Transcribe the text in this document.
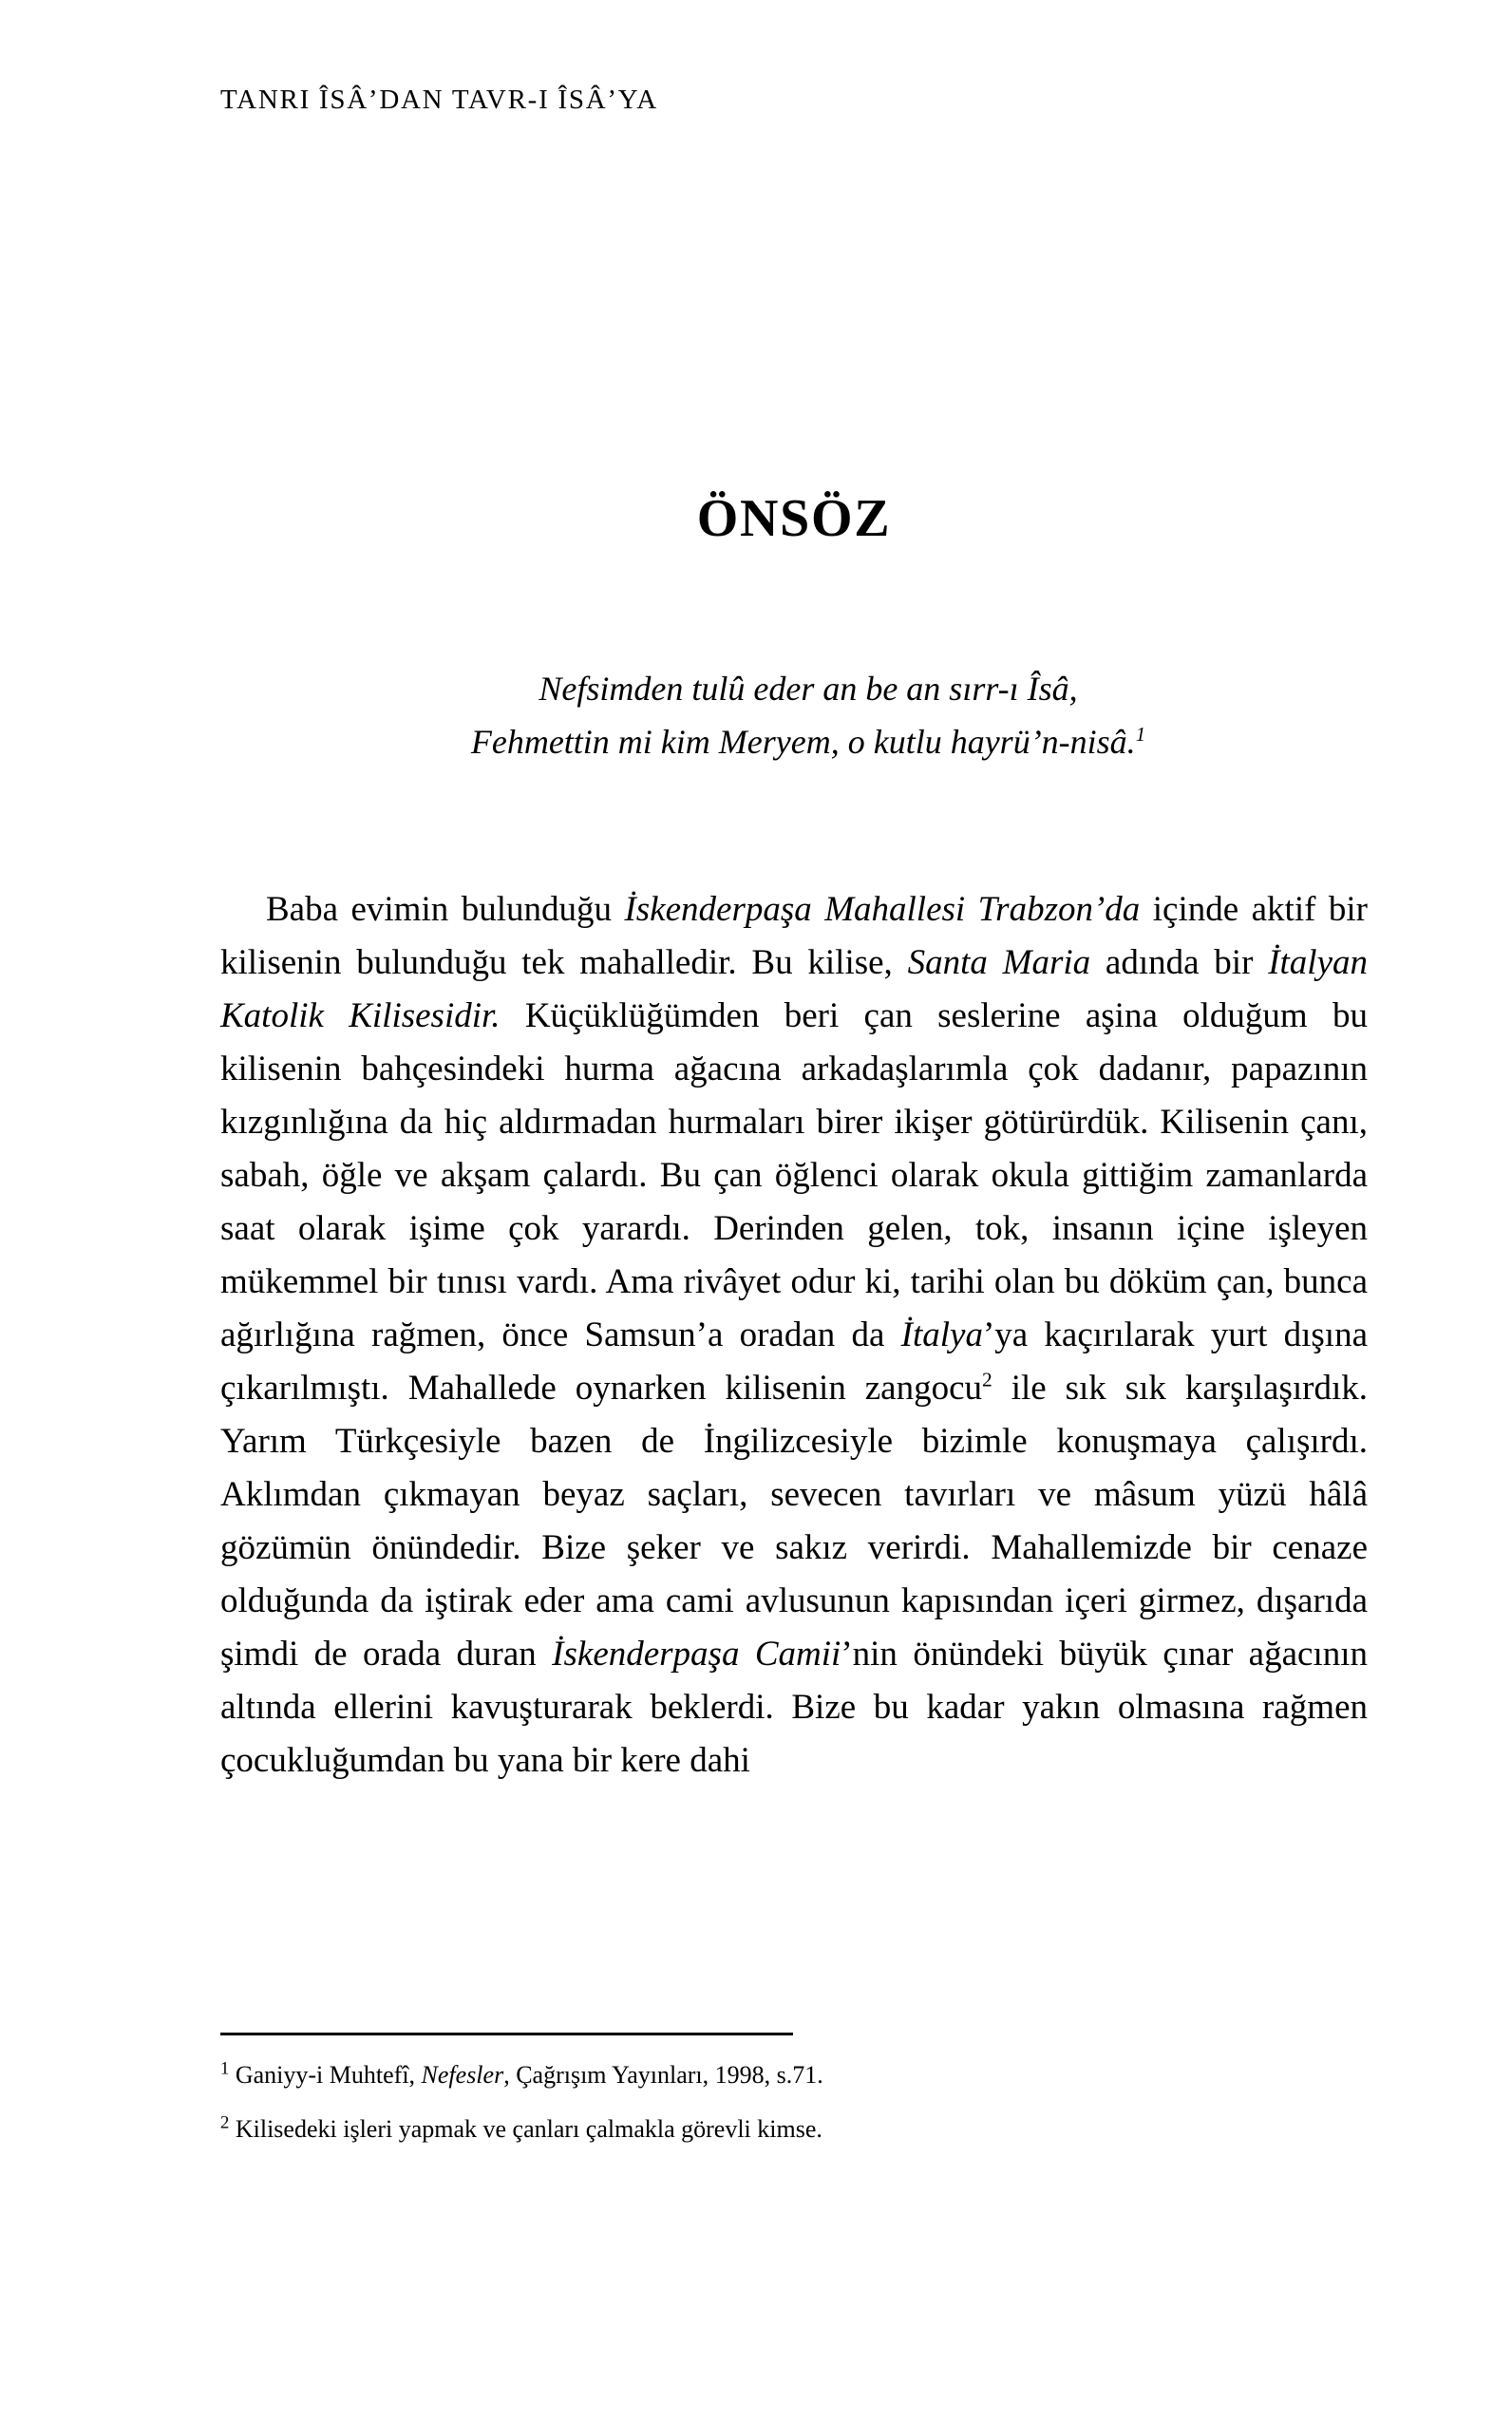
TANRI ÎSÂ’DAN TAVR-I ÎSÂ’YA
ÖNSÖZ
Nefsimden tulû eder an be an sırr-ı Îsâ,
Fehmettin mi kim Meryem, o kutlu hayrü’n-nisâ.$^1$
Baba evimin bulunduğu İskenderpaşa Mahallesi Trabzon’da içinde aktif bir kilisenin bulunduğu tek mahalledir. Bu kilise, Santa Maria adında bir İtalyan Katolik Kilisesidir. Küçüklüğümden beri çan seslerine aşina olduğum bu kilisenin bahçesindeki hurma ağacına arkadaşlarımla çok dadanır, papazının kızgınlığına da hiç aldırmadan hurmaları birer ikişer götürürdük. Kilisenin çanı, sabah, öğle ve akşam çalardı. Bu çan öğlenci olarak okula gittiğim zamanlarda saat olarak işime çok yarardı. Derinden gelen, tok, insanın içine işleyen mükemmel bir tınısı vardı. Ama rivâyet odur ki, tarihi olan bu döküm çan, bunca ağırlığına rağmen, önce Samsun’a oradan da İtalya’ya kaçırılarak yurt dışına çıkarılmıştı. Mahallede oynarken kilisenin zangocu$^2$ ile sık sık karşılaşırdık. Yarım Türkçesiyle bazen de İngilizcesiyle bizimle konuşmaya çalışırdı. Aklımdan çıkmayan beyaz saçları, sevecen tavırları ve mâsum yüzü hâlâ gözümün önündedir. Bize şeker ve sakız verirdi. Mahallemizde bir cenaze olduğunda da iştirak eder ama cami avlusunun kapısından içeri girmez, dışarıda şimdi de orada duran İskenderpaşa Camii’nin önündeki büyük çınar ağacının altında ellerini kavuşturarak beklerdi. Bize bu kadar yakın olmasına rağmen çocukluğumdan bu yana bir kere dahi
$^1$ Ganiyy-i Muhtefî, Nefesler, Çağrışım Yayınları, 1998, s.71.
$^2$ Kilisedeki işleri yapmak ve çanları çalmakla görevli kimse.
